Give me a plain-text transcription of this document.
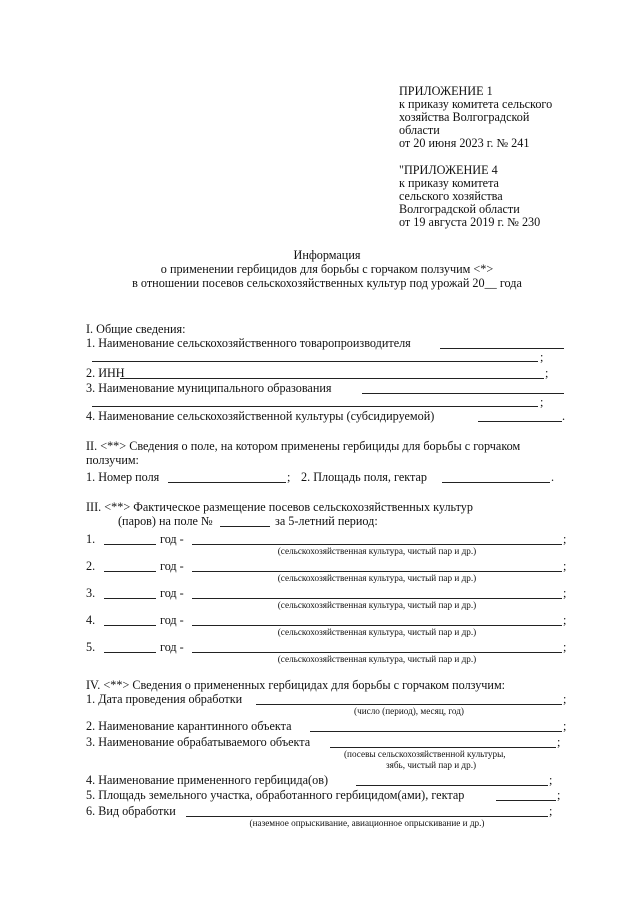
ПРИЛОЖЕНИЕ 1
к приказу комитета сельского
хозяйства Волгоградской
области
от 20 июня 2023 г. № 241
"ПРИЛОЖЕНИЕ 4
к приказу комитета
сельского хозяйства
Волгоградской области
от 19 августа 2019 г. № 230
Информация
о применении гербицидов для борьбы с горчаком ползучим <*>
в отношении посевов сельскохозяйственных культур под урожай 20__ года
I. Общие сведения:
1. Наименование сельскохозяйственного товаропроизводителя
;
2. ИНН	;
3. Наименование муниципального образования
;
4. Наименование сельскохозяйственной культуры (субсидируемой)	.
II. <**> Сведения о поле, на котором применены гербициды для борьбы с горчаком
ползучим:
1. Номер поля	; 2. Площадь поля, гектар	.
III. <**> Фактическое размещение посевов сельскохозяйственных культур
(паров) на поле №	за 5-летний период:
1.	год -	;
(сельскохозяйственная культура, чистый пар и др.)
2.	год -	;
(сельскохозяйственная культура, чистый пар и др.)
3.	год -	;
(сельскохозяйственная культура, чистый пар и др.)
4.	год -	;
(сельскохозяйственная культура, чистый пар и др.)
5.	год -	;
(сельскохозяйственная культура, чистый пар и др.)
IV. <**> Сведения о примененных гербицидах для борьбы с горчаком ползучим:
1. Дата проведения обработки	;
(число (период), месяц, год)
2. Наименование карантинного объекта	;
3. Наименование обрабатываемого объекта	;
(посевы сельскохозяйственной культуры,
зябь, чистый пар и др.)
4. Наименование примененного гербицида(ов)	;
5. Площадь земельного участка, обработанного гербицидом(ами), гектар	;
6. Вид обработки	;
(наземное опрыскивание, авиационное опрыскивание и др.)
